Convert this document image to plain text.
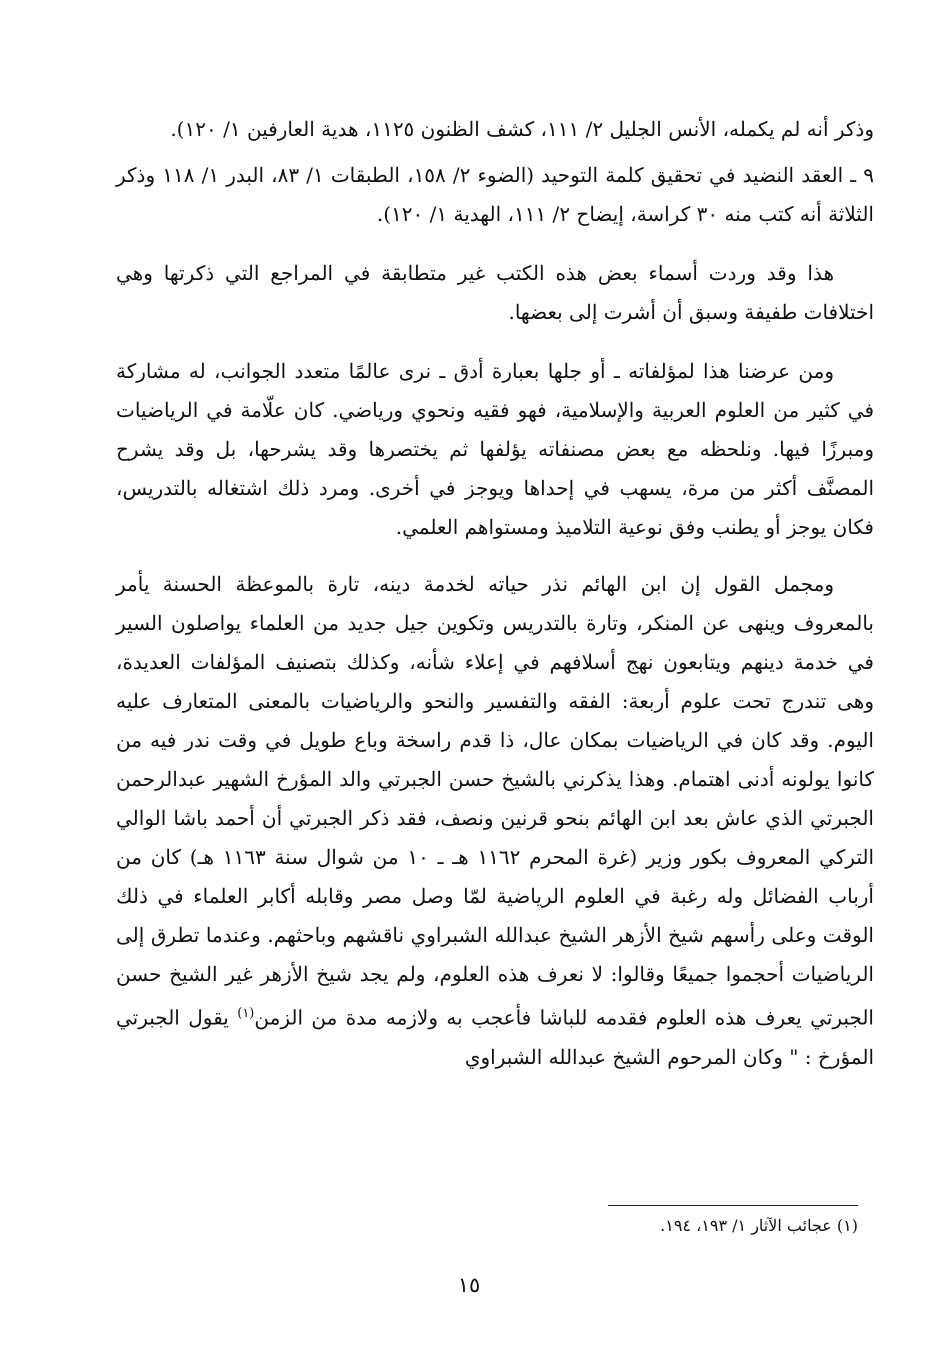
وذكر أنه لم يكمله، الأنس الجليل ٢/ ١١١، كشف الظنون ١١٢٥، هدية العارفين ١/ ١٢٠).

٩ ـ العقد النضيد في تحقيق كلمة التوحيد (الضوء ٢/ ١٥٨، الطبقات ١/ ٨٣، البدر ١/ ١١٨ وذكر الثلاثة أنه كتب منه ٣٠ كراسة، إيضاح ٢/ ١١١، الهدية ١/ ١٢٠).

هذا وقد وردت أسماء بعض هذه الكتب غير متطابقة في المراجع التي ذكرتها وهي اختلافات طفيفة وسبق أن أشرت إلى بعضها.

ومن عرضنا هذا لمؤلفاته ـ أو جلها بعبارة أدق ـ نرى عالمًا متعدد الجوانب، له مشاركة في كثير من العلوم العربية والإسلامية، فهو فقيه ونحوي ورياضي. كان علّامة في الرياضيات ومبرزًا فيها. ونلحظه مع بعض مصنفاته يؤلفها ثم يختصرها وقد يشرحها، بل وقد يشرح المصنَّف أكثر من مرة، يسهب في إحداها ويوجز في أخرى. ومرد ذلك اشتغاله بالتدريس، فكان يوجز أو يطنب وفق نوعية التلاميذ ومستواهم العلمي.

ومجمل القول إن ابن الهائم نذر حياته لخدمة دينه، تارة بالموعظة الحسنة يأمر بالمعروف وينهى عن المنكر، وتارة بالتدريس وتكوين جيل جديد من العلماء يواصلون السير في خدمة دينهم ويتابعون نهج أسلافهم في إعلاء شأنه، وكذلك بتصنيف المؤلفات العديدة، وهى تندرج تحت علوم أربعة: الفقه والتفسير والنحو والرياضيات بالمعنى المتعارف عليه اليوم. وقد كان في الرياضيات بمكان عال، ذا قدم راسخة وباع طويل في وقت ندر فيه من كانوا يولونه أدنى اهتمام. وهذا يذكرني بالشيخ حسن الجبرتي والد المؤرخ الشهير عبدالرحمن الجبرتي الذي عاش بعد ابن الهائم بنحو قرنين ونصف، فقد ذكر الجبرتي أن أحمد باشا الوالي التركي المعروف بكور وزير (غرة المحرم ١١٦٢ هـ ـ ١٠ من شوال سنة ١١٦٣ هـ) كان من أرباب الفضائل وله رغبة في العلوم الرياضية لمّا وصل مصر وقابله أكابر العلماء في ذلك الوقت وعلى رأسهم شيخ الأزهر الشيخ عبدالله الشبراوي ناقشهم وباحثهم. وعندما تطرق إلى الرياضيات أحجموا جميعًا وقالوا: لا نعرف هذه العلوم، ولم يجد شيخ الأزهر غير الشيخ حسن الجبرتي يعرف هذه العلوم فقدمه للباشا فأعجب به ولازمه مدة من الزمن$^{(١)}$ يقول الجبرتي المؤرخ : " وكان المرحوم الشيخ عبدالله الشبراوي

(١) عجائب الآثار ١/ ١٩٣، ١٩٤.
١٥
